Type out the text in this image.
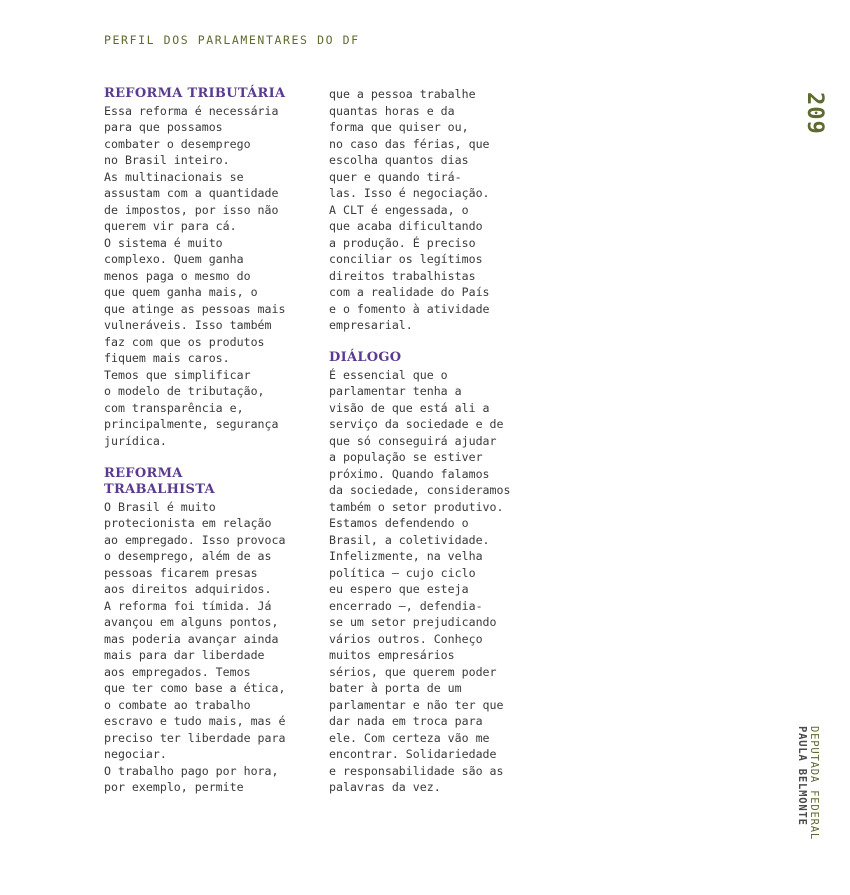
PERFIL DOS PARLAMENTARES DO DF
209
DEPUTADA FEDERAL
PAULA BELMONTE
REFORMA TRIBUTÁRIA
Essa reforma é necessária
para que possamos
combater o desemprego
no Brasil inteiro.
As multinacionais se
assustam com a quantidade
de impostos, por isso não
querem vir para cá.
O sistema é muito
complexo. Quem ganha
menos paga o mesmo do
que quem ganha mais, o
que atinge as pessoas mais
vulneráveis. Isso também
faz com que os produtos
fiquem mais caros.
Temos que simplificar
o modelo de tributação,
com transparência e,
principalmente, segurança
jurídica.
REFORMA
TRABALHISTA
O Brasil é muito
protecionista em relação
ao empregado. Isso provoca
o desemprego, além de as
pessoas ficarem presas
aos direitos adquiridos.
A reforma foi tímida. Já
avançou em alguns pontos,
mas poderia avançar ainda
mais para dar liberdade
aos empregados. Temos
que ter como base a ética,
o combate ao trabalho
escravo e tudo mais, mas é
preciso ter liberdade para
negociar.
O trabalho pago por hora,
por exemplo, permite
que a pessoa trabalhe
quantas horas e da
forma que quiser ou,
no caso das férias, que
escolha quantos dias
quer e quando tirá-
las. Isso é negociação.
A CLT é engessada, o
que acaba dificultando
a produção. É preciso
conciliar os legítimos
direitos trabalhistas
com a realidade do País
e o fomento à atividade
empresarial.
DIÁLOGO
É essencial que o
parlamentar tenha a
visão de que está ali a
serviço da sociedade e de
que só conseguirá ajudar
a população se estiver
próximo. Quando falamos
da sociedade, consideramos
também o setor produtivo.
Estamos defendendo o
Brasil, a coletividade.
Infelizmente, na velha
política — cujo ciclo
eu espero que esteja
encerrado —, defendia-
se um setor prejudicando
vários outros. Conheço
muitos empresários
sérios, que querem poder
bater à porta de um
parlamentar e não ter que
dar nada em troca para
ele. Com certeza vão me
encontrar. Solidariedade
e responsabilidade são as
palavras da vez.
